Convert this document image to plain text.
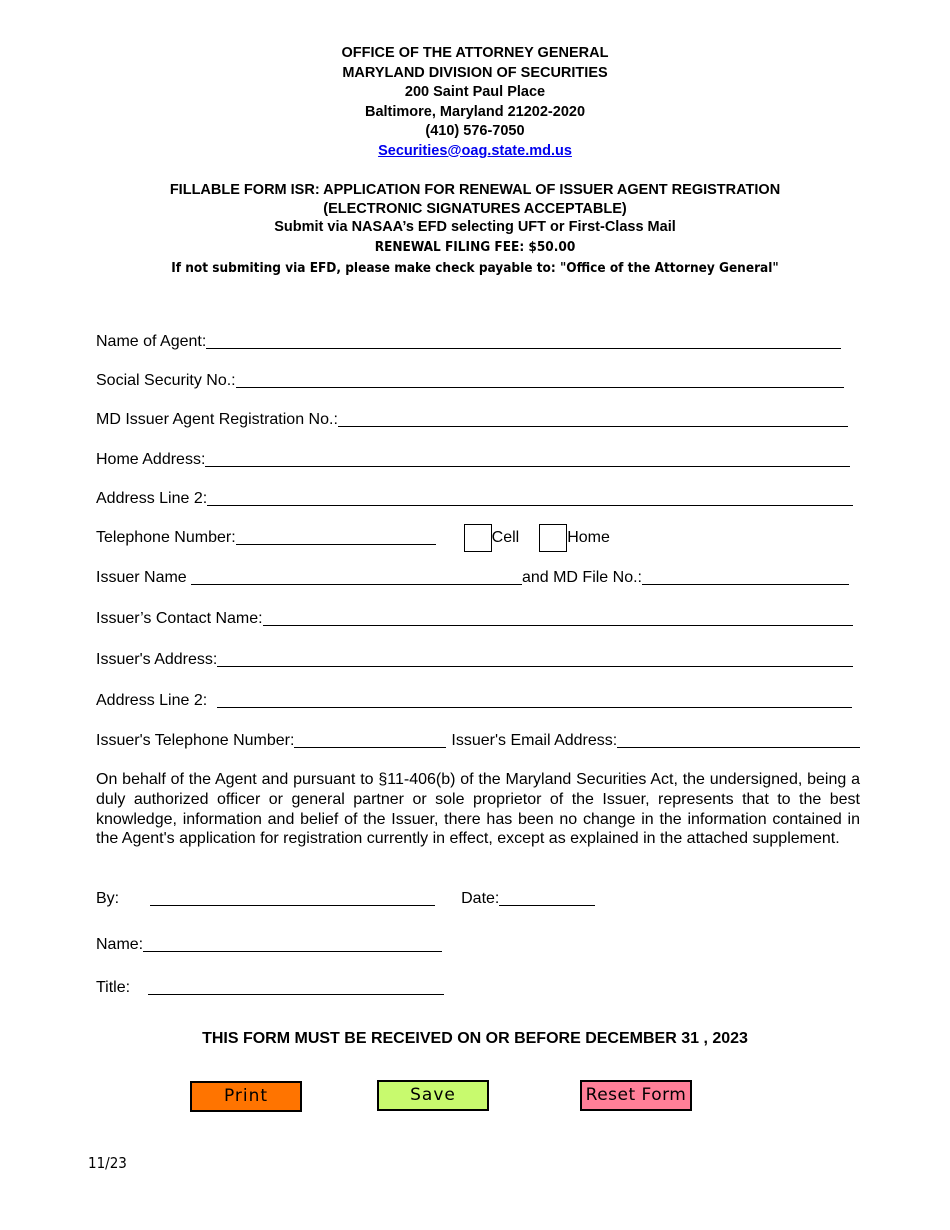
OFFICE OF THE ATTORNEY GENERAL
MARYLAND DIVISION OF SECURITIES
200 Saint Paul Place
Baltimore, Maryland 21202-2020
(410) 576-7050
Securities@oag.state.md.us
FILLABLE FORM ISR: APPLICATION FOR RENEWAL OF ISSUER AGENT REGISTRATION
(ELECTRONIC SIGNATURES ACCEPTABLE)
Submit via NASAA’s EFD selecting UFT or First-Class Mail
RENEWAL FILING FEE: $50.00
If not submiting via EFD, please make check payable to: "Office of the Attorney General"
Name of Agent:
Social Security No.:
MD Issuer Agent Registration No.:
Home Address:
Address Line 2:
Telephone Number:	Cell	Home
Issuer Name	and MD File No.:
Issuer’s Contact Name:
Issuer's Address:
Address Line 2:
Issuer's Telephone Number:	Issuer's Email Address:
On behalf of the Agent and pursuant to §11-406(b) of the Maryland Securities Act, the undersigned, being a duly authorized officer or general partner or sole proprietor of the Issuer, represents that to the best knowledge, information and belief of the Issuer, there has been no change in the information contained in the Agent's application for registration currently in effect, except as explained in the attached supplement.
By:	Date:
Name:
Title:
THIS FORM MUST BE RECEIVED ON OR BEFORE DECEMBER 31 , 2023
Print	Save	Reset Form
11/23
